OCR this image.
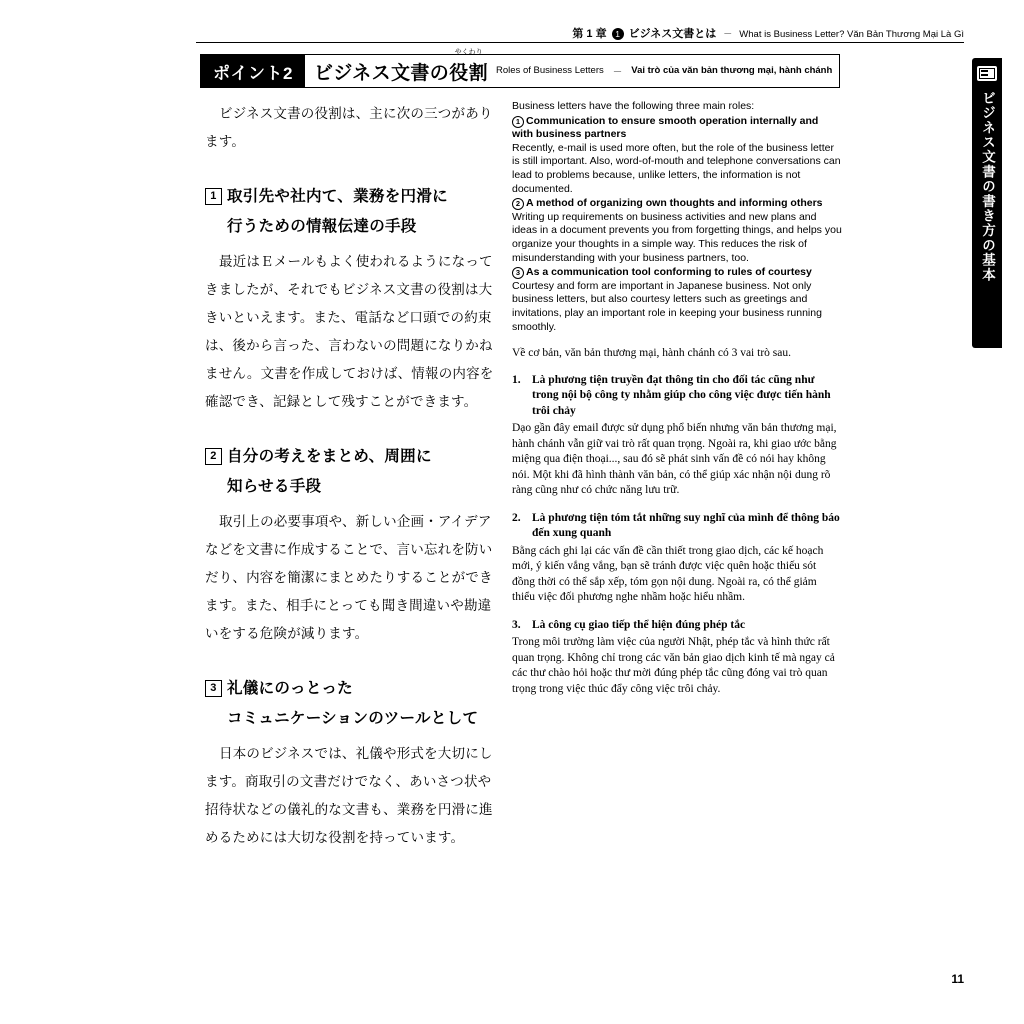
第 1 章	1 ビジネス文書とは － What is Business Letter? Văn Bản Thương Mại Là Gì
ポイント2	ビジネス文書の役割
やくわり
Roles of Business Letters － Vai trò của văn bản thương mại, hành chánh
ビジネス文書の書き方の基本

ビジネス文書の役割は、主に次の三つがあります。

1 取引先や社内て、業務を円滑に
行うための情報伝達の手段

最近はＥメールもよく使われるようになってきましたが、それでもビジネス文書の役割は大きいといえます。また、電話など口頭での約束は、後から言った、言わないの問題になりかねません。文書を作成しておけば、情報の内容を確認でき、記録として残すことができます。

2 自分の考えをまとめ、周囲に
知らせる手段

取引上の必要事項や、新しい企画・アイデアなどを文書に作成することで、言い忘れを防いだり、内容を簡潔にまとめたりすることができます。また、相手にとっても聞き間違いや勘違いをする危険が減ります。

3 礼儀にのっとった
コミュニケーションのツールとして

日本のビジネスでは、礼儀や形式を大切にします。商取引の文書だけでなく、あいさつ状や招待状などの儀礼的な文書も、業務を円滑に進めるためには大切な役割を持っています。

Business letters have the following three main roles:

1 Communication to ensure smooth operation internally and with business partners

Recently, e-mail is used more often, but the role of the business letter is still important. Also, word-of-mouth and telephone conversations can lead to problems because, unlike letters, the information is not documented.

2 A method of organizing own thoughts and informing others

Writing up requirements on business activities and new plans and ideas in a document prevents you from forgetting things, and helps you organize your thoughts in a simple way. This reduces the risk of misunderstanding with your business partners, too.

3 As a communication tool conforming to rules of courtesy

Courtesy and form are important in Japanese business. Not only business letters, but also courtesy letters such as greetings and invitations, play an important role in keeping your business running smoothly.

Về cơ bản, văn bản thương mại, hành chánh có 3 vai trò sau.

1. Là phương tiện truyền đạt thông tin cho đối tác cũng như trong nội bộ công ty nhằm giúp cho công việc được tiến hành trôi chảy

Dạo gần đây email được sử dụng phổ biến nhưng văn bản thương mại, hành chánh vẫn giữ vai trò rất quan trọng. Ngoài ra, khi giao ước bằng miệng qua điện thoại..., sau đó sẽ phát sinh vấn đề có nói hay không nói. Một khi đã hình thành văn bản, có thể giúp xác nhận nội dung rõ ràng cũng như có chức năng lưu trữ.

2. Là phương tiện tóm tắt những suy nghĩ của mình để thông báo đến xung quanh

Bằng cách ghi lại các vấn đề cần thiết trong giao dịch, các kế hoạch mới, ý kiến vắng vắng, bạn sẽ tránh được việc quên hoặc thiếu sót đồng thời có thể sắp xếp, tóm gọn nội dung. Ngoài ra, có thể giảm thiểu việc đối phương nghe nhầm hoặc hiểu nhầm.

3. Là công cụ giao tiếp thể hiện đúng phép tắc

Trong môi trường làm việc của người Nhật, phép tắc và hình thức rất quan trọng. Không chỉ trong các văn bản giao dịch kinh tế mà ngay cả các thư chào hỏi hoặc thư mời đúng phép tắc cũng đóng vai trò quan trọng trong việc thúc đẩy công việc trôi chảy.

11
